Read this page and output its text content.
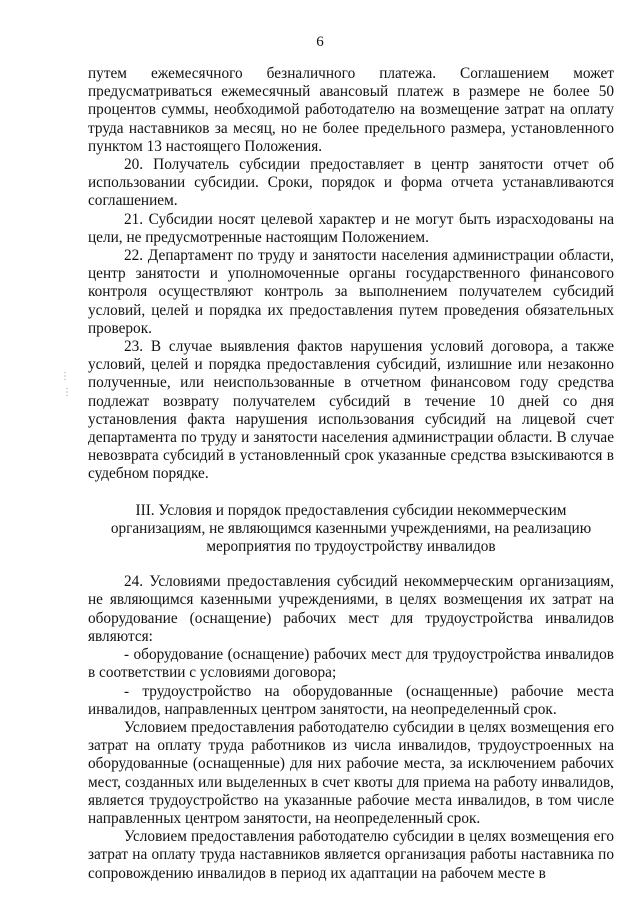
6

путем ежемесячного безналичного платежа. Соглашением может предусматриваться ежемесячный авансовый платеж в размере не более 50 процентов суммы, необходимой работодателю на возмещение затрат на оплату труда наставников за месяц, но не более предельного размера, установленного пунктом 13 настоящего Положения.

20. Получатель субсидии предоставляет в центр занятости отчет об использовании субсидии. Сроки, порядок и форма отчета устанавливаются соглашением.

21. Субсидии носят целевой характер и не могут быть израсходованы на цели, не предусмотренные настоящим Положением.

22. Департамент по труду и занятости населения администрации области, центр занятости и уполномоченные органы государственного финансового контроля осуществляют контроль за выполнением получателем субсидий условий, целей и порядка их предоставления путем проведения обязательных проверок.

23. В случае выявления фактов нарушения условий договора, а также условий, целей и порядка предоставления субсидий, излишние или незаконно полученные, или неиспользованные в отчетном финансовом году средства подлежат возврату получателем субсидий в течение 10 дней со дня установления факта нарушения использования субсидий на лицевой счет департамента по труду и занятости населения администрации области. В случае невозврата субсидий в установленный срок указанные средства взыскиваются в судебном порядке.

III. Условия и порядок предоставления субсидии некоммерческим организациям, не являющимся казенными учреждениями, на реализацию мероприятия по трудоустройству инвалидов

24. Условиями предоставления субсидий некоммерческим организациям, не являющимся казенными учреждениями, в целях возмещения их затрат на оборудование (оснащение) рабочих мест для трудоустройства инвалидов являются:

- оборудование (оснащение) рабочих мест для трудоустройства инвалидов в соответствии с условиями договора;

- трудоустройство на оборудованные (оснащенные) рабочие места инвалидов, направленных центром занятости, на неопределенный срок.

Условием предоставления работодателю субсидии в целях возмещения его затрат на оплату труда работников из числа инвалидов, трудоустроенных на оборудованные (оснащенные) для них рабочие места, за исключением рабочих мест, созданных или выделенных в счет квоты для приема на работу инвалидов, является трудоустройство на указанные рабочие места инвалидов, в том числе направленных центром занятости, на неопределенный срок.

Условием предоставления работодателю субсидии в целях возмещения его затрат на оплату труда наставников является организация работы наставника по сопровождению инвалидов в период их адаптации на рабочем месте в

⋮
⋮
